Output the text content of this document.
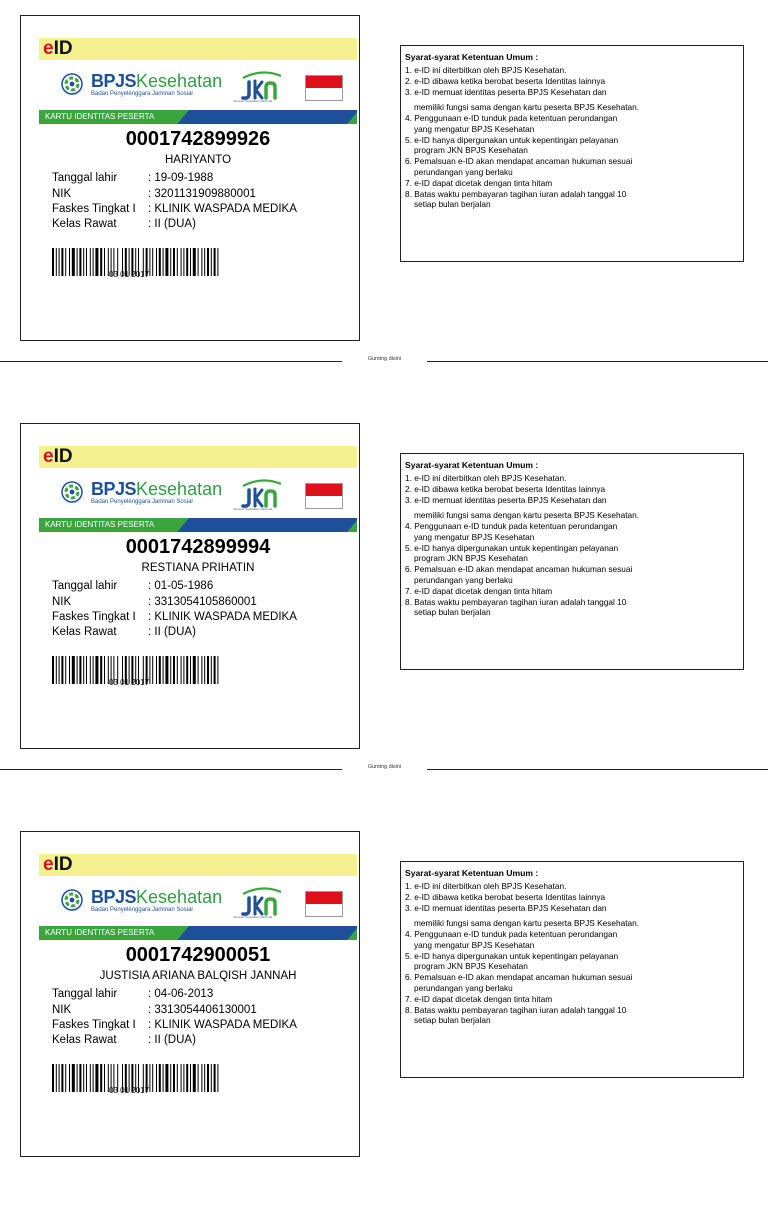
eID
BPJSKesehatan
Badan Penyelenggara Jaminan Sosial
Jaminan Kesehatan Nasional
KARTU IDENTITAS PESERTA
0001742899926
HARIYANTO
Tanggal lahir	: 19-09-1988
NIK	: 3201131909880001
Faskes Tingkat I : KLINIK WASPADA MEDIKA
Kelas Rawat	: II (DUA)
03 01 2017
Syarat-syarat Ketentuan Umum :
1. e-ID ini diterbitkan oleh BPJS Kesehatan.
2. e-ID dibawa ketika berobat beserta Identitas lainnya
3. e-ID memuat identitas peserta BPJS Kesehatan dan
memiliki fungsi sama dengan kartu peserta BPJS Kesehatan.
4. Penggunaan e-ID tunduk pada ketentuan perundangan
yang mengatur BPJS Kesehatan
5. e-ID hanya dipergunakan untuk kepentingan pelayanan
program JKN BPJS Kesehatan
6. Pemalsuan e-ID akan mendapat ancaman hukuman sesuai
perundangan yang berlaku
7. e-ID dapat dicetak dengan tinta hitam
8. Batas waktu pembayaran tagihan iuran adalah tanggal 10
setiap bulan berjalan
Gunting disini
eID
BPJSKesehatan
Badan Penyelenggara Jaminan Sosial
Jaminan Kesehatan Nasional
KARTU IDENTITAS PESERTA
0001742899994
RESTIANA PRIHATIN
Tanggal lahir	: 01-05-1986
NIK	: 3313054105860001
Faskes Tingkat I : KLINIK WASPADA MEDIKA
Kelas Rawat	: II (DUA)
03 01 2017
Syarat-syarat Ketentuan Umum :
1. e-ID ini diterbitkan oleh BPJS Kesehatan.
2. e-ID dibawa ketika berobat beserta Identitas lainnya
3. e-ID memuat identitas peserta BPJS Kesehatan dan
memiliki fungsi sama dengan kartu peserta BPJS Kesehatan.
4. Penggunaan e-ID tunduk pada ketentuan perundangan
yang mengatur BPJS Kesehatan
5. e-ID hanya dipergunakan untuk kepentingan pelayanan
program JKN BPJS Kesehatan
6. Pemalsuan e-ID akan mendapat ancaman hukuman sesuai
perundangan yang berlaku
7. e-ID dapat dicetak dengan tinta hitam
8. Batas waktu pembayaran tagihan iuran adalah tanggal 10
setiap bulan berjalan
Gunting disini
eID
BPJSKesehatan
Badan Penyelenggara Jaminan Sosial
Jaminan Kesehatan Nasional
KARTU IDENTITAS PESERTA
0001742900051
JUSTISIA ARIANA BALQISH JANNAH
Tanggal lahir	: 04-06-2013
NIK	: 3313054406130001
Faskes Tingkat I : KLINIK WASPADA MEDIKA
Kelas Rawat	: II (DUA)
03 01 2017
Syarat-syarat Ketentuan Umum :
1. e-ID ini diterbitkan oleh BPJS Kesehatan.
2. e-ID dibawa ketika berobat beserta Identitas lainnya
3. e-ID memuat identitas peserta BPJS Kesehatan dan
memiliki fungsi sama dengan kartu peserta BPJS Kesehatan.
4. Penggunaan e-ID tunduk pada ketentuan perundangan
yang mengatur BPJS Kesehatan
5. e-ID hanya dipergunakan untuk kepentingan pelayanan
program JKN BPJS Kesehatan
6. Pemalsuan e-ID akan mendapat ancaman hukuman sesuai
perundangan yang berlaku
7. e-ID dapat dicetak dengan tinta hitam
8. Batas waktu pembayaran tagihan iuran adalah tanggal 10
setiap bulan berjalan
